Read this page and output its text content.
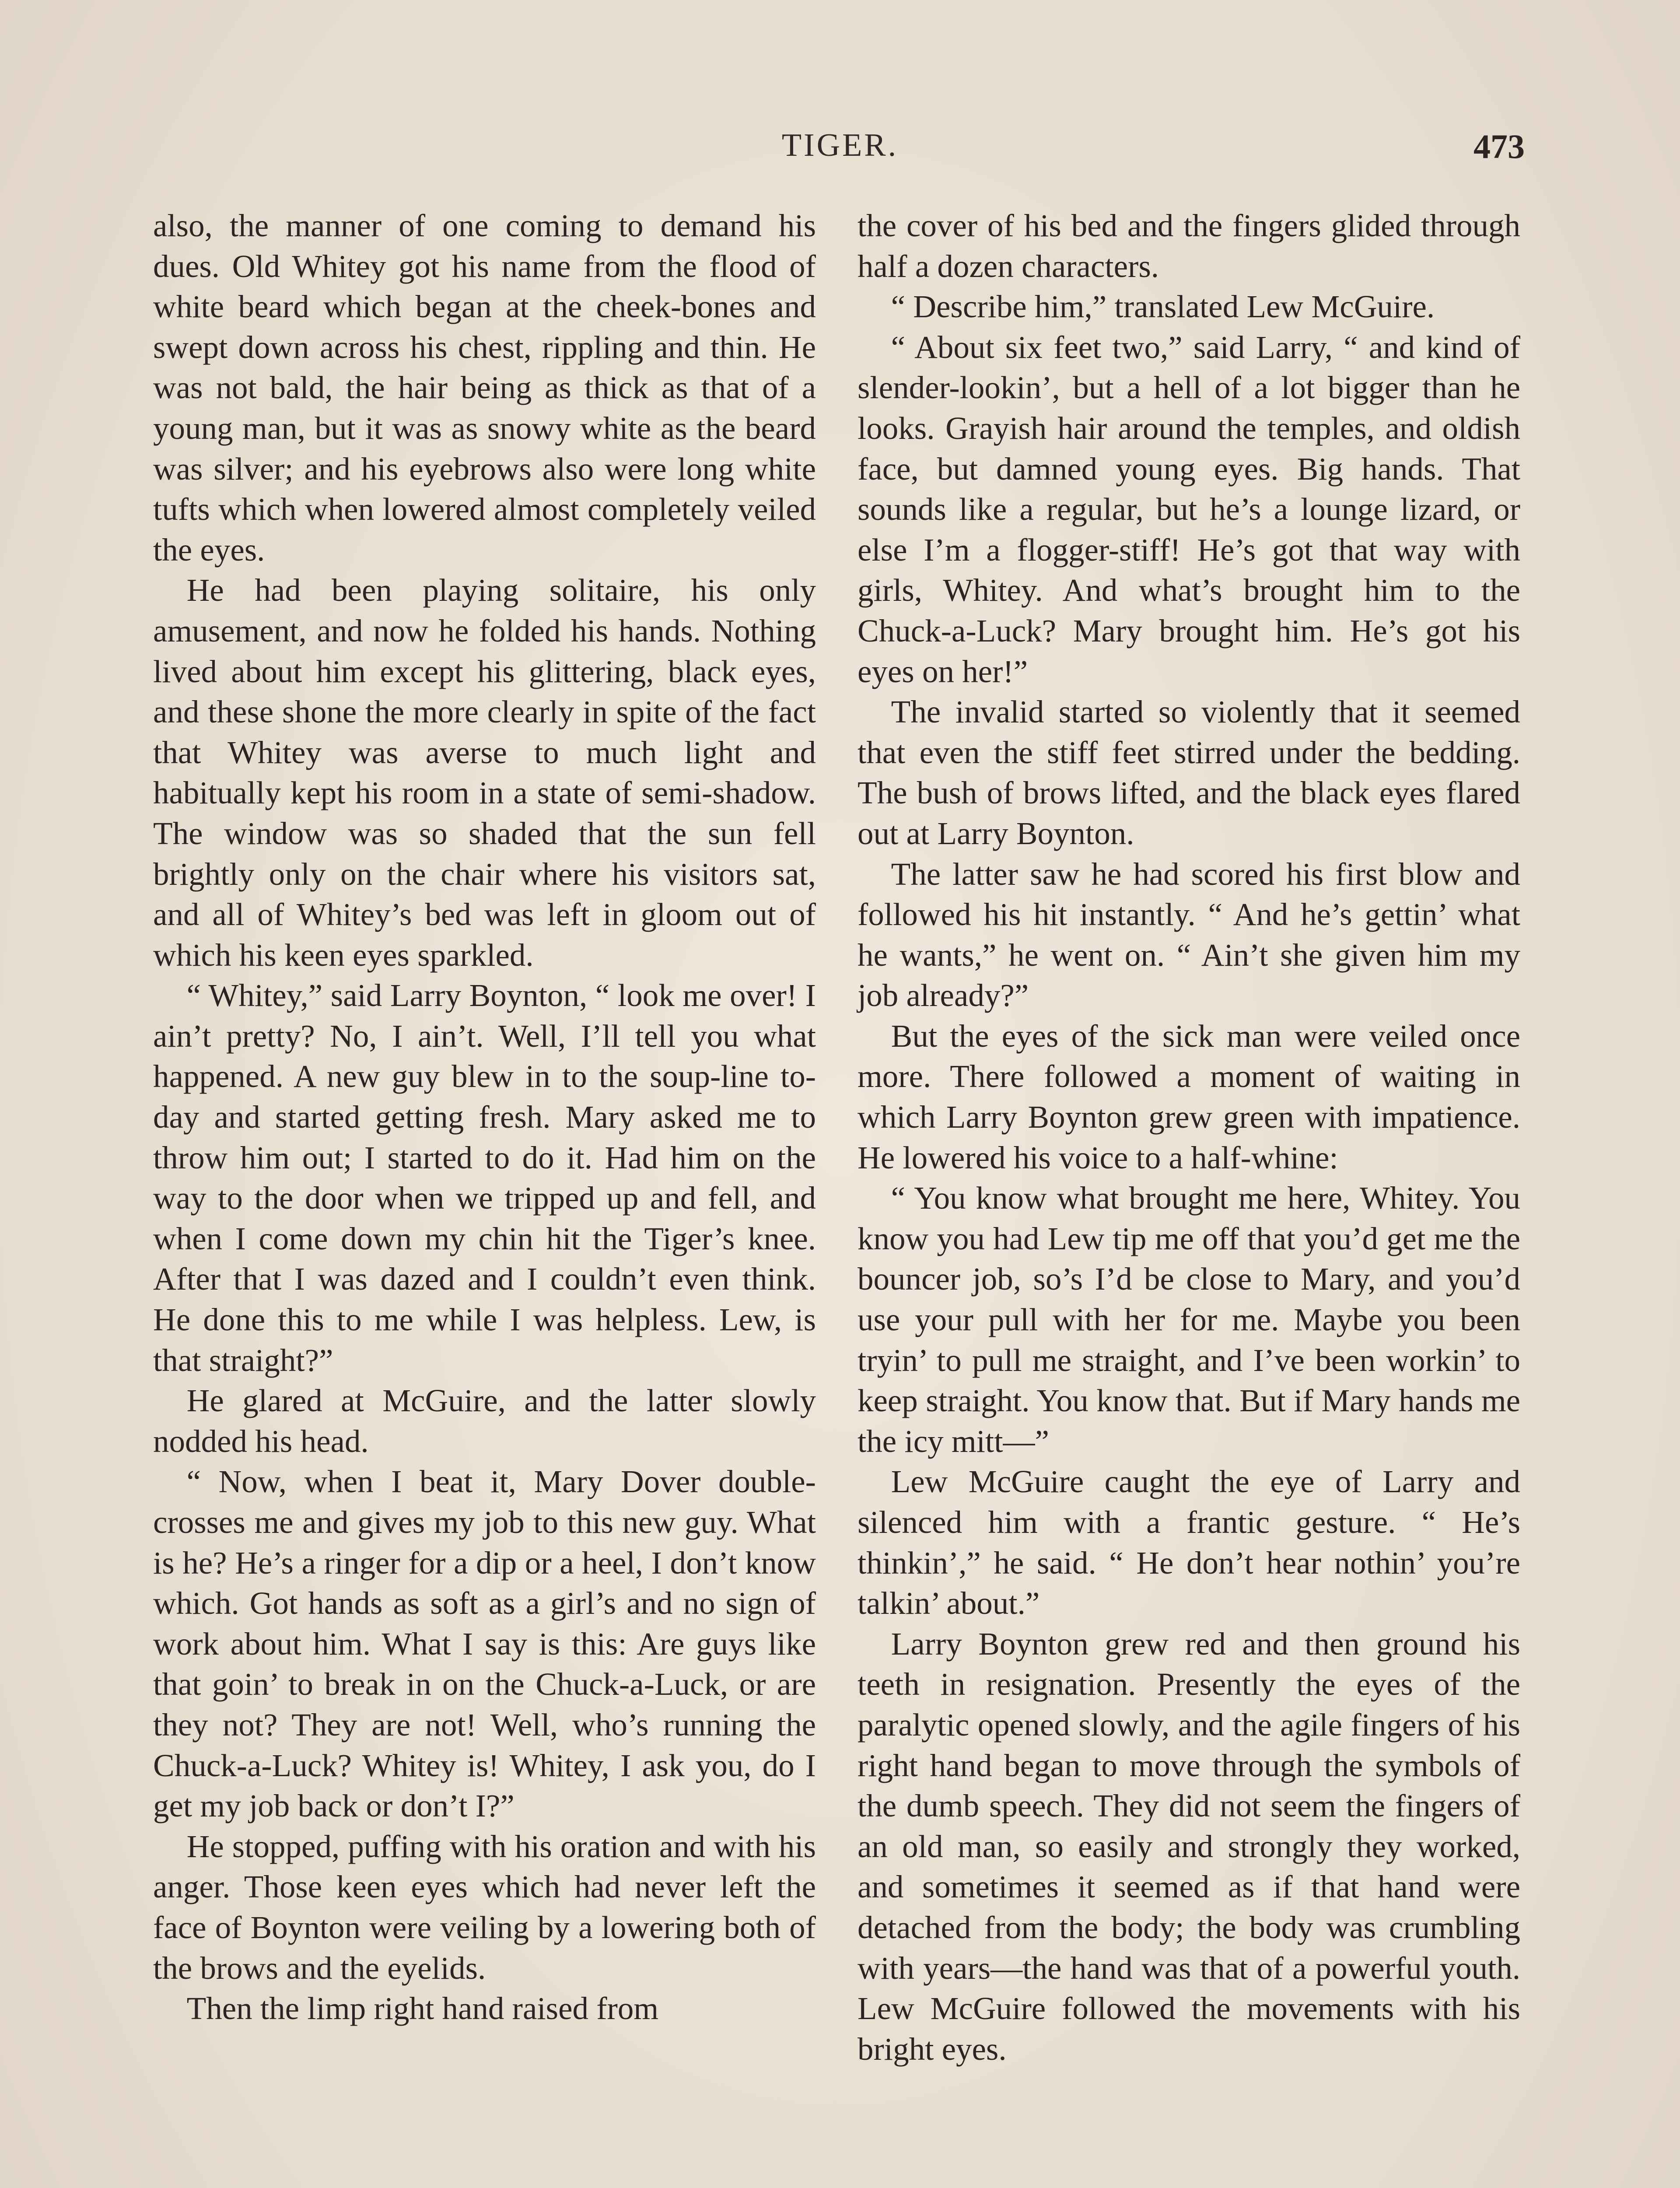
TIGER.	473

also, the manner of one coming to demand his dues. Old Whitey got his name from the flood of white beard which began at the cheek-bones and swept down across his chest, rippling and thin. He was not bald, the hair being as thick as that of a young man, but it was as snowy white as the beard was silver; and his eyebrows also were long white tufts which when lowered almost completely veiled the eyes.

He had been playing solitaire, his only amusement, and now he folded his hands. Nothing lived about him except his glittering, black eyes, and these shone the more clearly in spite of the fact that Whitey was averse to much light and habitually kept his room in a state of semi-shadow. The window was so shaded that the sun fell brightly only on the chair where his visitors sat, and all of Whitey’s bed was left in gloom out of which his keen eyes sparkled.

“ Whitey,” said Larry Boynton, “ look me over! I ain’t pretty? No, I ain’t. Well, I’ll tell you what happened. A new guy blew in to the soup-line to-day and started getting fresh. Mary asked me to throw him out; I started to do it. Had him on the way to the door when we tripped up and fell, and when I come down my chin hit the Tiger’s knee. After that I was dazed and I couldn’t even think. He done this to me while I was helpless. Lew, is that straight?”

He glared at McGuire, and the latter slowly nodded his head.

“ Now, when I beat it, Mary Dover double-crosses me and gives my job to this new guy. What is he? He’s a ringer for a dip or a heel, I don’t know which. Got hands as soft as a girl’s and no sign of work about him. What I say is this: Are guys like that goin’ to break in on the Chuck-a-Luck, or are they not? They are not! Well, who’s running the Chuck-a-Luck? Whitey is! Whitey, I ask you, do I get my job back or don’t I?”

He stopped, puffing with his oration and with his anger. Those keen eyes which had never left the face of Boynton were veiling by a lowering both of the brows and the eyelids.

Then the limp right hand raised from

the cover of his bed and the fingers glided through half a dozen characters.

“ Describe him,” translated Lew McGuire.

“ About six feet two,” said Larry, “ and kind of slender-lookin’, but a hell of a lot bigger than he looks. Grayish hair around the temples, and oldish face, but damned young eyes. Big hands. That sounds like a regular, but he’s a lounge lizard, or else I’m a flogger-stiff! He’s got that way with girls, Whitey. And what’s brought him to the Chuck-a-Luck? Mary brought him. He’s got his eyes on her!”

The invalid started so violently that it seemed that even the stiff feet stirred under the bedding. The bush of brows lifted, and the black eyes flared out at Larry Boynton.

The latter saw he had scored his first blow and followed his hit instantly. “ And he’s gettin’ what he wants,” he went on. “ Ain’t she given him my job already?”

But the eyes of the sick man were veiled once more. There followed a moment of waiting in which Larry Boynton grew green with impatience. He lowered his voice to a half-whine:

“ You know what brought me here, Whitey. You know you had Lew tip me off that you’d get me the bouncer job, so’s I’d be close to Mary, and you’d use your pull with her for me. Maybe you been tryin’ to pull me straight, and I’ve been workin’ to keep straight. You know that. But if Mary hands me the icy mitt—”

Lew McGuire caught the eye of Larry and silenced him with a frantic gesture. “ He’s thinkin’,” he said. “ He don’t hear nothin’ you’re talkin’ about.”

Larry Boynton grew red and then ground his teeth in resignation. Presently the eyes of the paralytic opened slowly, and the agile fingers of his right hand began to move through the symbols of the dumb speech. They did not seem the fingers of an old man, so easily and strongly they worked, and sometimes it seemed as if that hand were detached from the body; the body was crumbling with years—the hand was that of a powerful youth. Lew McGuire followed the movements with his bright eyes.
